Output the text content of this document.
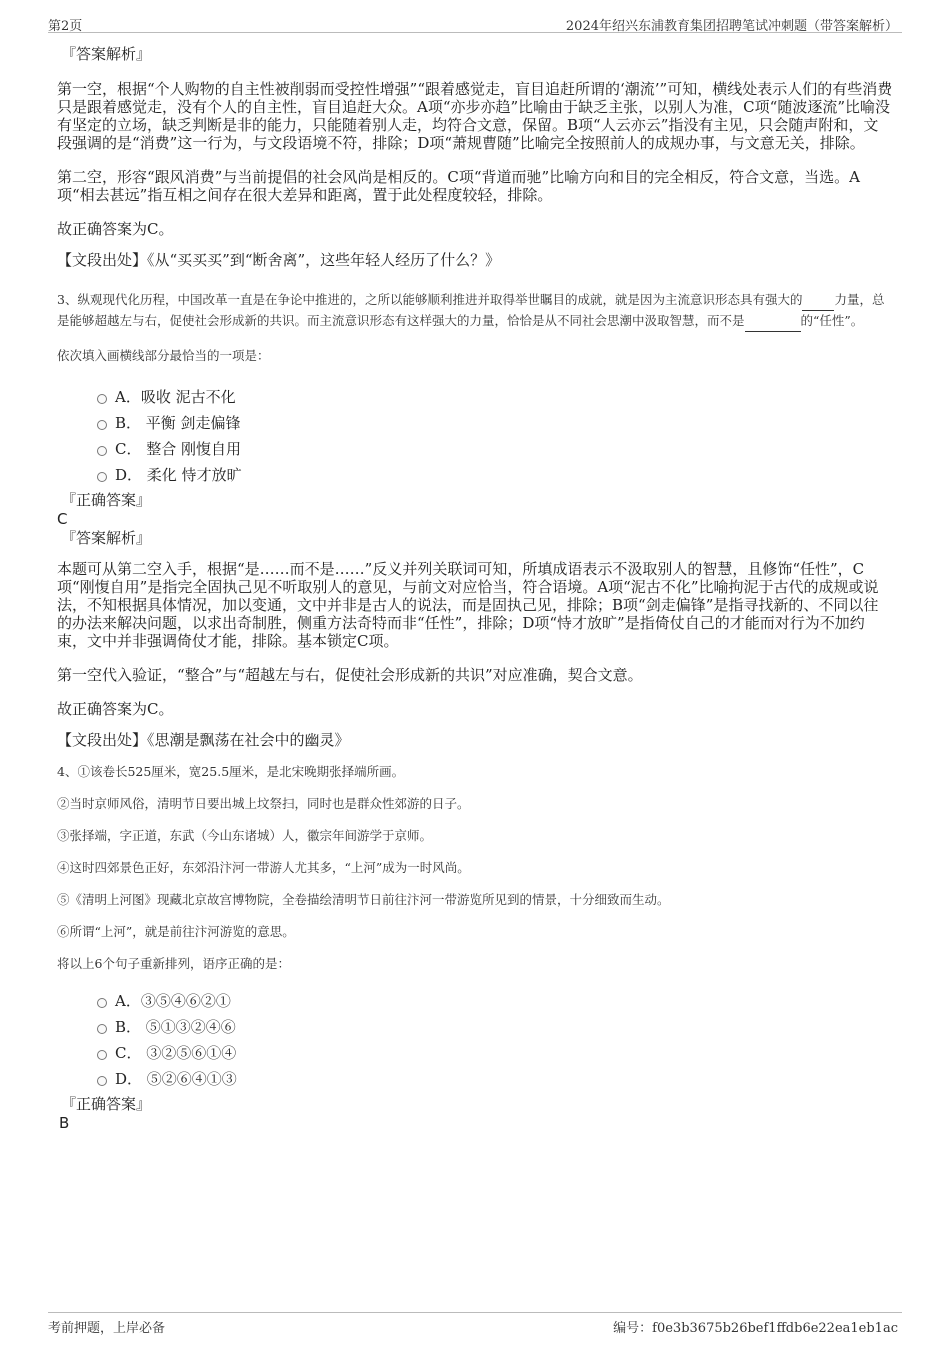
第2页	2024年绍兴东浦教育集团招聘笔试冲刺题（带答案解析）
『答案解析』

第一空，根据“个人购物的自主性被削弱而受控性增强”“跟着感觉走，盲目追赶所谓的‘潮流’”可知，横线处表示人们的有些消费只是跟着感觉走，没有个人的自主性，盲目追赶大众。A项“亦步亦趋”比喻由于缺乏主张，以别人为准，C项“随波逐流”比喻没有坚定的立场，缺乏判断是非的能力，只能随着别人走，均符合文意，保留。B项“人云亦云”指没有主见，只会随声附和，文段强调的是“消费”这一行为，与文段语境不符，排除；D项“萧规曹随”比喻完全按照前人的成规办事，与文意无关，排除。

第二空，形容“跟风消费”与当前提倡的社会风尚是相反的。C项“背道而驰”比喻方向和目的完全相反，符合文意，当选。A项“相去甚远”指互相之间存在很大差异和距离，置于此处程度较轻，排除。

故正确答案为C。

【文段出处】《从“买买买”到“断舍离”，这些年轻人经历了什么？》

3、纵观现代化历程，中国改革一直是在争论中推进的，之所以能够顺利推进并取得举世瞩目的成就，就是因为主流意识形态具有强大的	力量，总是能够超越左与右，促使社会形成新的共识。而主流意识形态有这样强大的力量，恰恰是从不同社会思潮中汲取智慧，而不是	的“任性”。

依次填入画横线部分最恰当的一项是：

A．吸收 泥古不化
B． 平衡 剑走偏锋
C． 整合 刚愎自用
D． 柔化 恃才放旷
『正确答案』
C
『答案解析』

本题可从第二空入手，根据“是……而不是……”反义并列关联词可知，所填成语表示不汲取别人的智慧，且修饰“任性”，C项“刚愎自用”是指完全固执己见不听取别人的意见，与前文对应恰当，符合语境。A项“泥古不化”比喻拘泥于古代的成规或说法，不知根据具体情况，加以变通，文中并非是古人的说法，而是固执己见，排除；B项“剑走偏锋”是指寻找新的、不同以往的办法来解决问题，以求出奇制胜，侧重方法奇特而非“任性”，排除；D项“恃才放旷”是指倚仗自己的才能而对行为不加约束，文中并非强调倚仗才能，排除。基本锁定C项。

第一空代入验证，“整合”与“超越左与右，促使社会形成新的共识”对应准确，契合文意。

故正确答案为C。

【文段出处】《思潮是飘荡在社会中的幽灵》

4、①该卷长525厘米，宽25.5厘米，是北宋晚期张择端所画。

②当时京师风俗，清明节日要出城上坟祭扫，同时也是群众性郊游的日子。

③张择端，字正道，东武（今山东诸城）人，徽宗年间游学于京师。

④这时四郊景色正好，东郊沿汴河一带游人尤其多，“上河”成为一时风尚。

⑤《清明上河图》现藏北京故宫博物院，全卷描绘清明节日前往汴河一带游览所见到的情景，十分细致而生动。

⑥所谓“上河”，就是前往汴河游览的意思。

将以上6个句子重新排列，语序正确的是：

A．③⑤④⑥②①
B． ⑤①③②④⑥
C． ③②⑤⑥①④
D． ⑤②⑥④①③
『正确答案』
B
考前押题，上岸必备	编号：f0e3b3675b26bef1ffdb6e22ea1eb1ac
